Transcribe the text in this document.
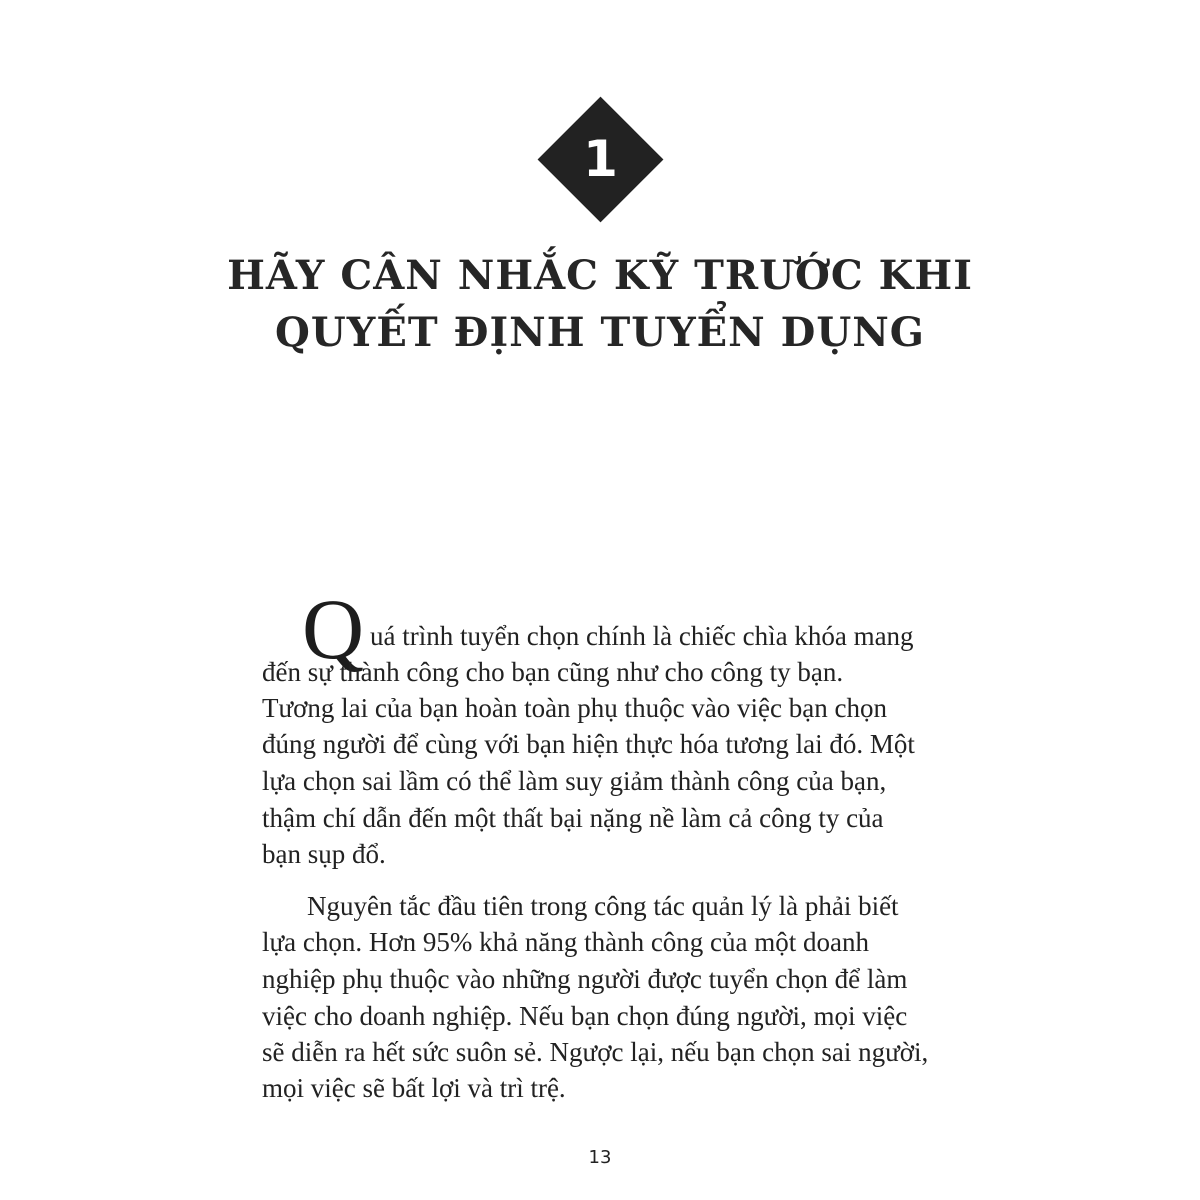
1
HÃY CÂN NHẮC KỸ TRƯỚC KHI
QUYẾT ĐỊNH TUYỂN DỤNG
Q uá trình tuyển chọn chính là chiếc chìa khóa mang
đến sự thành công cho bạn cũng như cho công ty bạn.
Tương lai của bạn hoàn toàn phụ thuộc vào việc bạn chọn
đúng người để cùng với bạn hiện thực hóa tương lai đó. Một
lựa chọn sai lầm có thể làm suy giảm thành công của bạn,
thậm chí dẫn đến một thất bại nặng nề làm cả công ty của
bạn sụp đổ.
Nguyên tắc đầu tiên trong công tác quản lý là phải biết
lựa chọn. Hơn 95% khả năng thành công của một doanh
nghiệp phụ thuộc vào những người được tuyển chọn để làm
việc cho doanh nghiệp. Nếu bạn chọn đúng người, mọi việc
sẽ diễn ra hết sức suôn sẻ. Ngược lại, nếu bạn chọn sai người,
mọi việc sẽ bất lợi và trì trệ.
13
